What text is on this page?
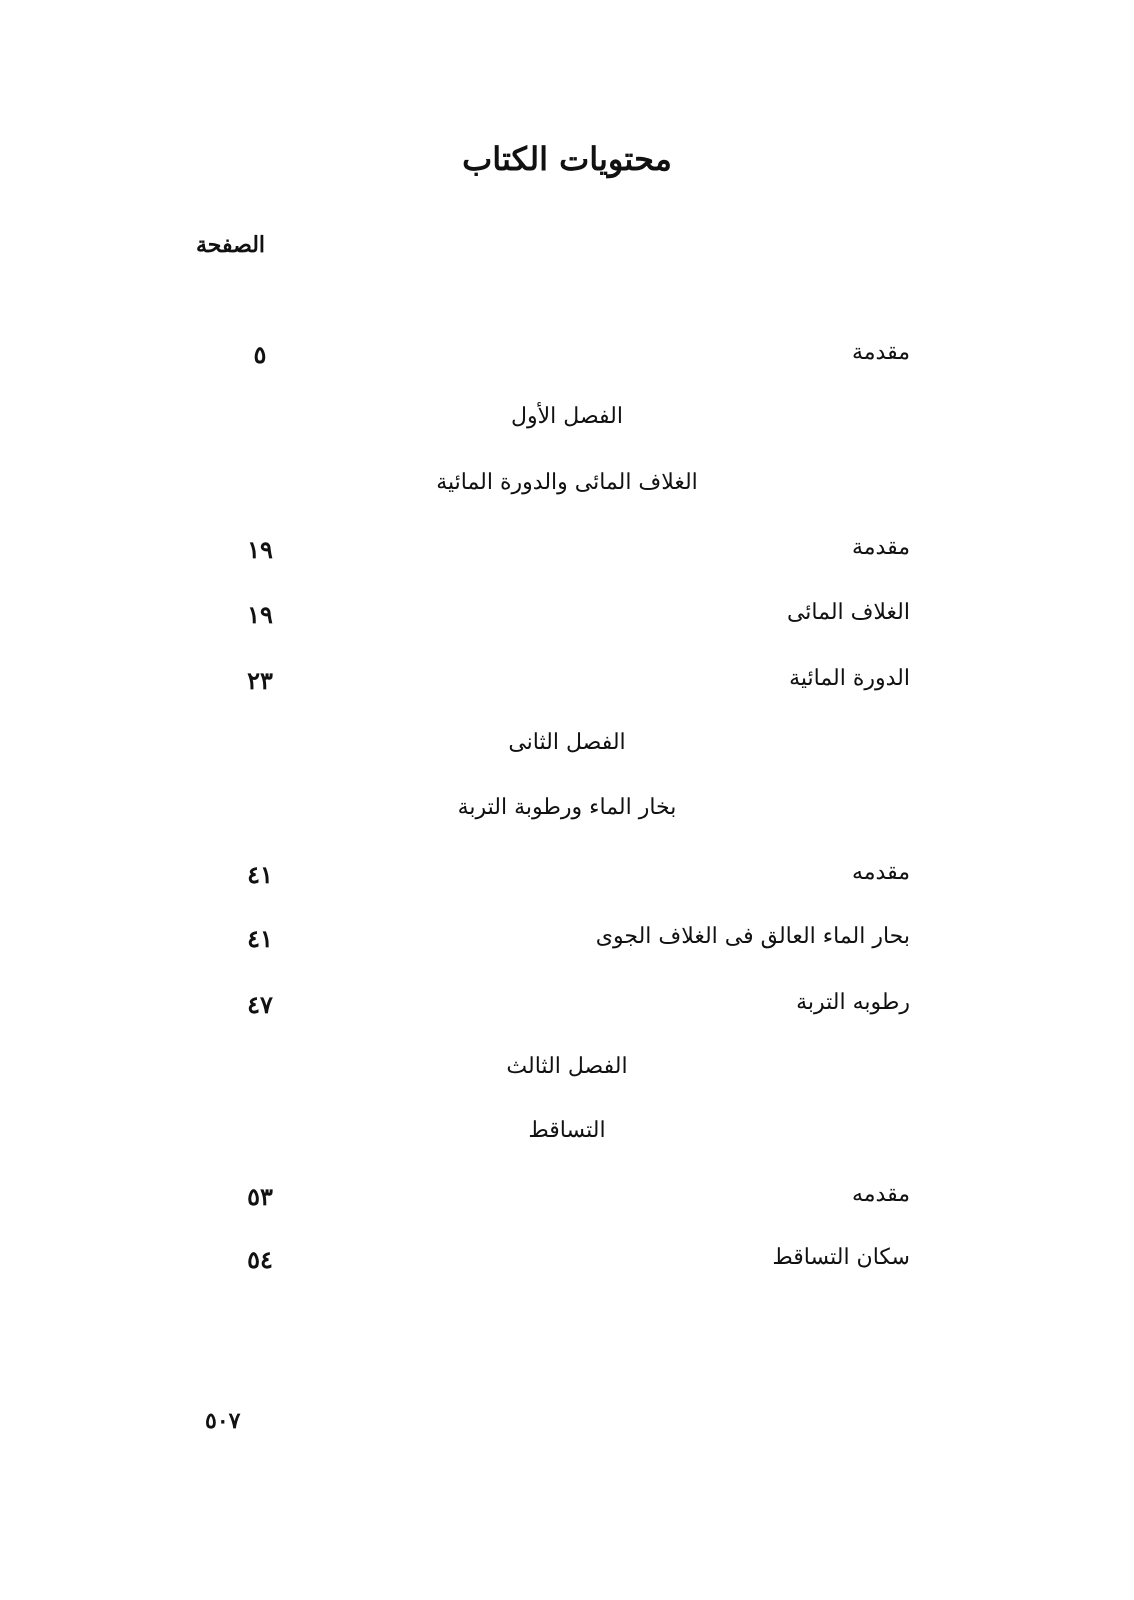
محتويات الكتاب
الصفحة
مقدمة
٥
الفصل الأول
الغلاف المائى والدورة المائية
مقدمة
١٩
الغلاف المائى
١٩
الدورة المائية
٢٣
الفصل الثانى
بخار الماء ورطوبة التربة
مقدمه
٤١
بحار الماء العالق فى الغلاف الجوى
٤١
رطوبه التربة
٤٧
الفصل الثالث
التساقط
مقدمه
٥٣
سكان التساقط
٥٤
٥٠٧
